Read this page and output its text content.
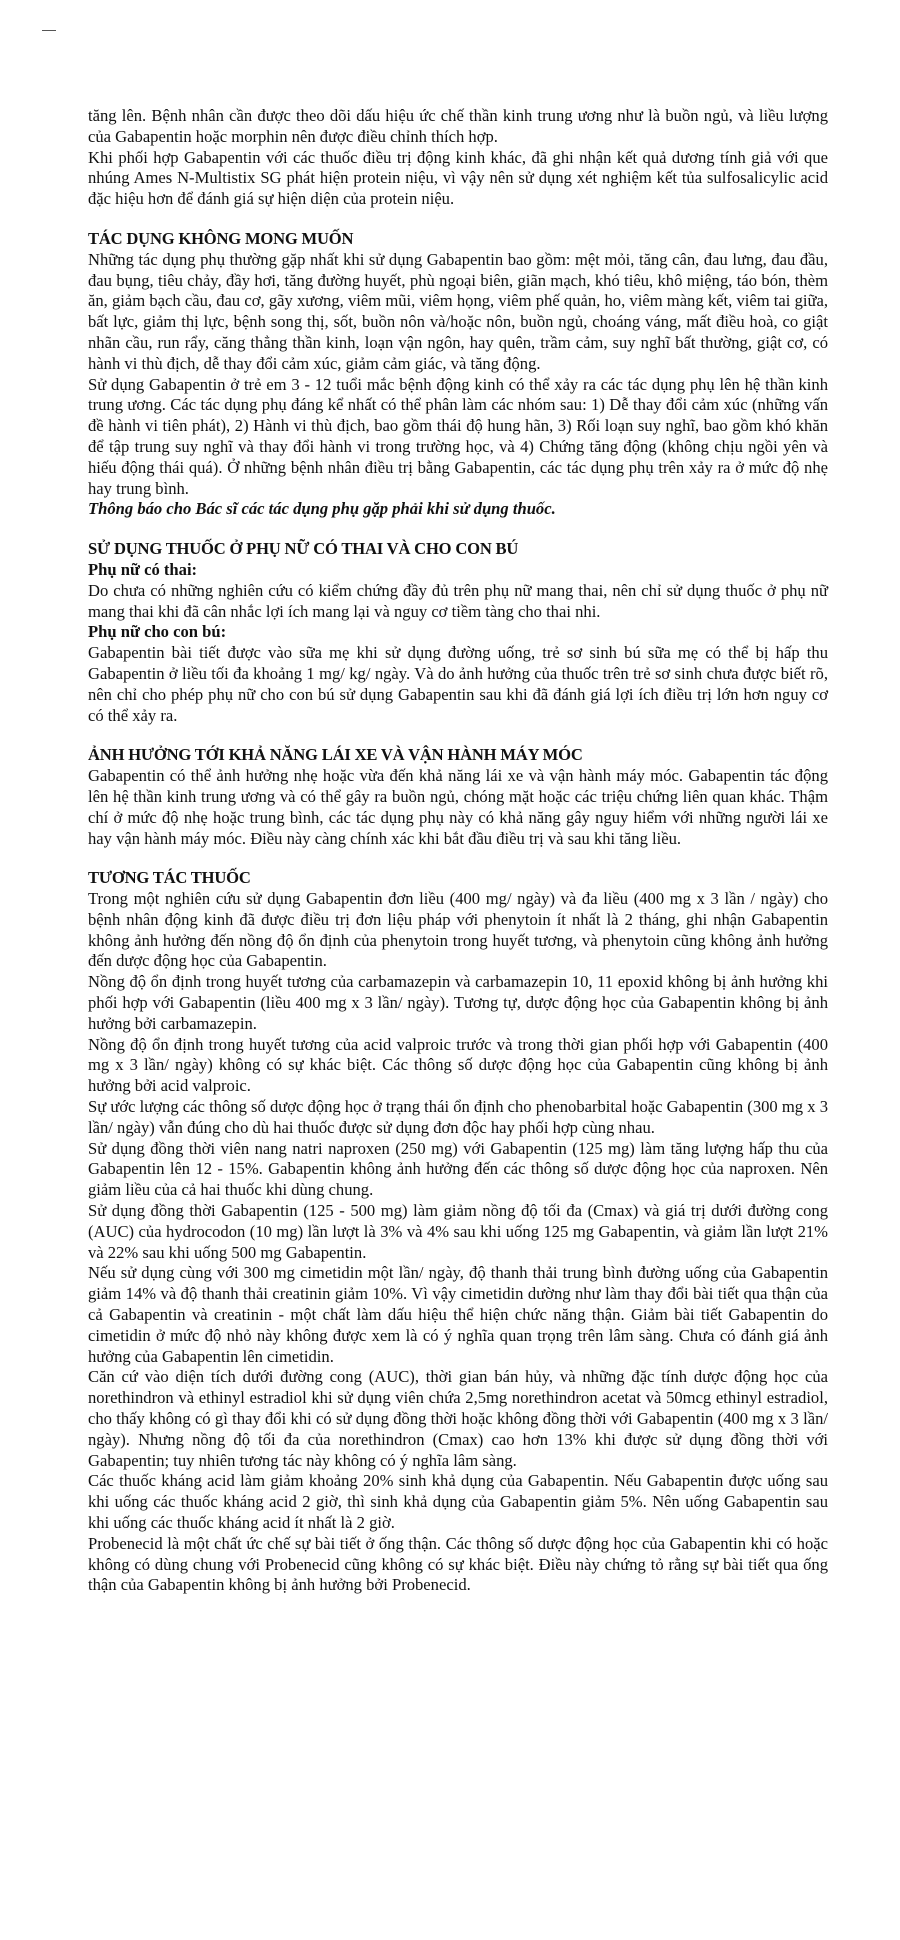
tăng lên. Bệnh nhân cần được theo dõi dấu hiệu ức chế thần kinh trung ương như là buồn ngủ, và liều lượng của Gabapentin hoặc morphin nên được điều chỉnh thích hợp.

Khi phối hợp Gabapentin với các thuốc điều trị động kinh khác, đã ghi nhận kết quả dương tính giả với que nhúng Ames N-Multistix SG phát hiện protein niệu, vì vậy nên sử dụng xét nghiệm kết tủa sulfosalicylic acid đặc hiệu hơn để đánh giá sự hiện diện của protein niệu.

TÁC DỤNG KHÔNG MONG MUỐN

Những tác dụng phụ thường gặp nhất khi sử dụng Gabapentin bao gồm: mệt mỏi, tăng cân, đau lưng, đau đầu, đau bụng, tiêu chảy, đầy hơi, tăng đường huyết, phù ngoại biên, giãn mạch, khó tiêu, khô miệng, táo bón, thèm ăn, giảm bạch cầu, đau cơ, gãy xương, viêm mũi, viêm họng, viêm phế quản, ho, viêm màng kết, viêm tai giữa, bất lực, giảm thị lực, bệnh song thị, sốt, buồn nôn và/hoặc nôn, buồn ngủ, choáng váng, mất điều hoà, co giật nhãn cầu, run rẩy, căng thẳng thần kinh, loạn vận ngôn, hay quên, trầm cảm, suy nghĩ bất thường, giật cơ, có hành vi thù địch, dễ thay đổi cảm xúc, giảm cảm giác, và tăng động.

Sử dụng Gabapentin ở trẻ em 3 - 12 tuổi mắc bệnh động kinh có thể xảy ra các tác dụng phụ lên hệ thần kinh trung ương. Các tác dụng phụ đáng kể nhất có thể phân làm các nhóm sau: 1) Dễ thay đổi cảm xúc (những vấn đề hành vi tiên phát), 2) Hành vi thù địch, bao gồm thái độ hung hãn, 3) Rối loạn suy nghĩ, bao gồm khó khăn để tập trung suy nghĩ và thay đổi hành vi trong trường học, và 4) Chứng tăng động (không chịu ngồi yên và hiếu động thái quá). Ở những bệnh nhân điều trị bằng Gabapentin, các tác dụng phụ trên xảy ra ở mức độ nhẹ hay trung bình.

Thông báo cho Bác sĩ các tác dụng phụ gặp phải khi sử dụng thuốc.

SỬ DỤNG THUỐC Ở PHỤ NỮ CÓ THAI VÀ CHO CON BÚ
Phụ nữ có thai:

Do chưa có những nghiên cứu có kiểm chứng đầy đủ trên phụ nữ mang thai, nên chỉ sử dụng thuốc ở phụ nữ mang thai khi đã cân nhắc lợi ích mang lại và nguy cơ tiềm tàng cho thai nhi.

Phụ nữ cho con bú:

Gabapentin bài tiết được vào sữa mẹ khi sử dụng đường uống, trẻ sơ sinh bú sữa mẹ có thể bị hấp thu Gabapentin ở liều tối đa khoảng 1 mg/ kg/ ngày. Và do ảnh hưởng của thuốc trên trẻ sơ sinh chưa được biết rõ, nên chỉ cho phép phụ nữ cho con bú sử dụng Gabapentin sau khi đã đánh giá lợi ích điều trị lớn hơn nguy cơ có thể xảy ra.

ẢNH HƯỞNG TỚI KHẢ NĂNG LÁI XE VÀ VẬN HÀNH MÁY MÓC

Gabapentin có thể ảnh hưởng nhẹ hoặc vừa đến khả năng lái xe và vận hành máy móc. Gabapentin tác động lên hệ thần kinh trung ương và có thể gây ra buồn ngủ, chóng mặt hoặc các triệu chứng liên quan khác. Thậm chí ở mức độ nhẹ hoặc trung bình, các tác dụng phụ này có khả năng gây nguy hiểm với những người lái xe hay vận hành máy móc. Điều này càng chính xác khi bắt đầu điều trị và sau khi tăng liều.

TƯƠNG TÁC THUỐC

Trong một nghiên cứu sử dụng Gabapentin đơn liều (400 mg/ ngày) và đa liều (400 mg x 3 lần / ngày) cho bệnh nhân động kinh đã được điều trị đơn liệu pháp với phenytoin ít nhất là 2 tháng, ghi nhận Gabapentin không ảnh hưởng đến nồng độ ổn định của phenytoin trong huyết tương, và phenytoin cũng không ảnh hưởng đến dược động học của Gabapentin.

Nồng độ ổn định trong huyết tương của carbamazepin và carbamazepin 10, 11 epoxid không bị ảnh hưởng khi phối hợp với Gabapentin (liều 400 mg x 3 lần/ ngày). Tương tự, dược động học của Gabapentin không bị ảnh hưởng bởi carbamazepin.

Nồng độ ổn định trong huyết tương của acid valproic trước và trong thời gian phối hợp với Gabapentin (400 mg x 3 lần/ ngày) không có sự khác biệt. Các thông số dược động học của Gabapentin cũng không bị ảnh hưởng bởi acid valproic.

Sự ước lượng các thông số dược động học ở trạng thái ổn định cho phenobarbital hoặc Gabapentin (300 mg x 3 lần/ ngày) vẫn đúng cho dù hai thuốc được sử dụng đơn độc hay phối hợp cùng nhau.

Sử dụng đồng thời viên nang natri naproxen (250 mg) với Gabapentin (125 mg) làm tăng lượng hấp thu của Gabapentin lên 12 - 15%. Gabapentin không ảnh hưởng đến các thông số dược động học của naproxen. Nên giảm liều của cả hai thuốc khi dùng chung.

Sử dụng đồng thời Gabapentin (125 - 500 mg) làm giảm nồng độ tối đa (Cmax) và giá trị dưới đường cong (AUC) của hydrocodon (10 mg) lần lượt là 3% và 4% sau khi uống 125 mg Gabapentin, và giảm lần lượt 21% và 22% sau khi uống 500 mg Gabapentin.

Nếu sử dụng cùng với 300 mg cimetidin một lần/ ngày, độ thanh thải trung bình đường uống của Gabapentin giảm 14% và độ thanh thải creatinin giảm 10%. Vì vậy cimetidin dường như làm thay đổi bài tiết qua thận của cả Gabapentin và creatinin - một chất làm dấu hiệu thể hiện chức năng thận. Giảm bài tiết Gabapentin do cimetidin ở mức độ nhỏ này không được xem là có ý nghĩa quan trọng trên lâm sàng. Chưa có đánh giá ảnh hưởng của Gabapentin lên cimetidin.

Căn cứ vào diện tích dưới đường cong (AUC), thời gian bán hủy, và những đặc tính dược động học của norethindron và ethinyl estradiol khi sử dụng viên chứa 2,5mg norethindron acetat và 50mcg ethinyl estradiol, cho thấy không có gì thay đổi khi có sử dụng đồng thời hoặc không đồng thời với Gabapentin (400 mg x 3 lần/ ngày). Nhưng nồng độ tối đa của norethindron (Cmax) cao hơn 13% khi được sử dụng đồng thời với Gabapentin; tuy nhiên tương tác này không có ý nghĩa lâm sàng.

Các thuốc kháng acid làm giảm khoảng 20% sinh khả dụng của Gabapentin. Nếu Gabapentin được uống sau khi uống các thuốc kháng acid 2 giờ, thì sinh khả dụng của Gabapentin giảm 5%. Nên uống Gabapentin sau khi uống các thuốc kháng acid ít nhất là 2 giờ.

Probenecid là một chất ức chế sự bài tiết ở ống thận. Các thông số dược động học của Gabapentin khi có hoặc không có dùng chung với Probenecid cũng không có sự khác biệt. Điều này chứng tỏ rằng sự bài tiết qua ống thận của Gabapentin không bị ảnh hưởng bởi Probenecid.
